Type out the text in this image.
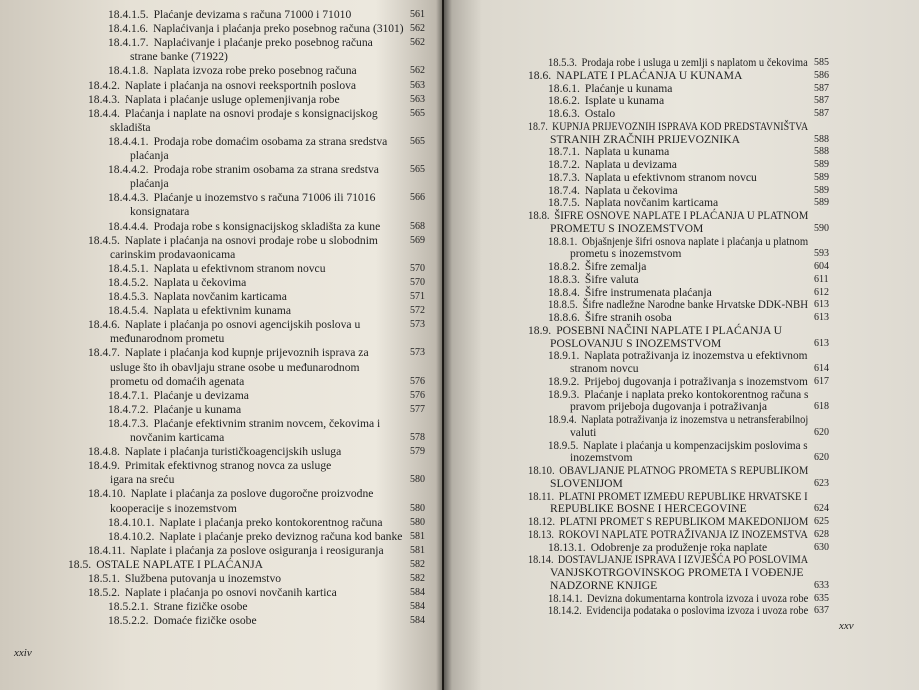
18.4.1.5. Plaćanje devizama s računa 71000 i 71010	561
18.4.1.6. Naplaćivanja i plaćanja preko posebnog računa (3101) 562
18.4.1.7. Naplaćivanje i plaćanje preko posebnog računa	562
strane banke (71922)
18.4.1.8. Naplata izvoza robe preko posebnog računa	562
18.4.2. Naplate i plaćanja na osnovi reeksportnih poslova	563
18.4.3. Naplata i plaćanje usluge oplemenjivanja robe	563
18.4.4. Plaćanja i naplate na osnovi prodaje s konsignacijskog	565
skladišta
18.4.4.1. Prodaja robe domaćim osobama za strana sredstva 565
plaćanja
18.4.4.2. Prodaja robe stranim osobama za strana sredstva	565
plaćanja
18.4.4.3. Plaćanje u inozemstvo s računa 71006 ili 71016	566
konsignatara
18.4.4.4. Prodaja robe s konsignacijskog skladišta za kune	568
18.4.5. Naplate i plaćanja na osnovi prodaje robe u slobodnim	569
carinskim prodavaonicama
18.4.5.1. Naplata u efektivnom stranom novcu	570
18.4.5.2. Naplata u čekovima	570
18.4.5.3. Naplata novčanim karticama	571
18.4.5.4. Naplata u efektivnim kunama	572
18.4.6. Naplate i plaćanja po osnovi agencijskih poslova u	573
međunarodnom prometu
18.4.7. Naplate i plaćanja kod kupnje prijevoznih isprava za	573
usluge što ih obavljaju strane osobe u međunarodnom
prometu od domaćih agenata	576
18.4.7.1. Plaćanje u devizama	576
18.4.7.2. Plaćanje u kunama	577
18.4.7.3. Plaćanje efektivnim stranim novcem, čekovima i
novčanim karticama	578
18.4.8. Naplate i plaćanja turističkoagencijskih usluga	579
18.4.9. Primitak efektivnog stranog novca za usluge
igara na sreću	580
18.4.10. Naplate i plaćanja za poslove dugoročne proizvodne
kooperacije s inozemstvom	580
18.4.10.1. Naplate i plaćanja preko kontokorentnog računa	580
18.4.10.2. Naplate i plaćanje preko deviznog računa kod banke 581
18.4.11. Naplate i plaćanja za poslove osiguranja i reosiguranja	581
18.5. OSTALE NAPLATE I PLAĆANJA	582
18.5.1. Službena putovanja u inozemstvo	582
18.5.2. Naplate i plaćanja po osnovi novčanih kartica	584
18.5.2.1. Strane fizičke osobe	584
18.5.2.2. Domaće fizičke osobe	584
xxiv
18.5.3. Prodaja robe i usluga u zemlji s naplatom u čekovima 585
18.6. NAPLATE I PLAĆANJA U KUNAMA	586
18.6.1. Plaćanje u kunama	587
18.6.2. Isplate u kunama	587
18.6.3. Ostalo	587
18.7. KUPNJA PRIJEVOZNIH ISPRAVA KOD PREDSTAVNIŠTVA
STRANIH ZRAČNIH PRIJEVOZNIKA	588
18.7.1. Naplata u kunama	588
18.7.2. Naplata u devizama	589
18.7.3. Naplata u efektivnom stranom novcu	589
18.7.4. Naplata u čekovima	589
18.7.5. Naplata novčanim karticama	589
18.8. ŠIFRE OSNOVE NAPLATE I PLAĆANJA U PLATNOM
PROMETU S INOZEMSTVOM	590
18.8.1. Objašnjenje šifri osnova naplate i plaćanja u platnom
prometu s inozemstvom	593
18.8.2. Šifre zemalja	604
18.8.3. Šifre valuta	611
18.8.4. Šifre instrumenata plaćanja	612
18.8.5. Šifre nadležne Narodne banke Hrvatske DDK-NBH 613
18.8.6. Šifre stranih osoba	613
18.9. POSEBNI NAČINI NAPLATE I PLAĆANJA U
POSLOVANJU S INOZEMSTVOM	613
18.9.1. Naplata potraživanja iz inozemstva u efektivnom
stranom novcu	614
18.9.2. Prijeboj dugovanja i potraživanja s inozemstvom 617
18.9.3. Plaćanje i naplata preko kontokorentnog računa s
pravom prijeboja dugovanja i potraživanja	618
18.9.4. Naplata potraživanja iz inozemstva u netransferabilnoj
valuti	620
18.9.5. Naplate i plaćanja u kompenzacijskim poslovima s
inozemstvom	620
18.10. OBAVLJANJE PLATNOG PROMETA S REPUBLIKOM
SLOVENIJOM	623
18.11. PLATNI PROMET IZMEĐU REPUBLIKE HRVATSKE I
REPUBLIKE BOSNE I HERCEGOVINE	624
18.12. PLATNI PROMET S REPUBLIKOM MAKEDONIJOM 625
18.13. ROKOVI NAPLATE POTRAŽIVANJA IZ INOZEMSTVA 628
18.13.1. Odobrenje za produženje roka naplate	630
18.14. DOSTAVLJANJE ISPRAVA I IZVJEŠĆA PO POSLOVIMA
VANJSKOTRGOVINSKOG PROMETA I VOĐENJE
NADZORNE KNJIGE	633
18.14.1. Devizna dokumentarna kontrola izvoza i uvoza robe 635
18.14.2. Evidencija podataka o poslovima izvoza i uvoza robe 637
xxv
